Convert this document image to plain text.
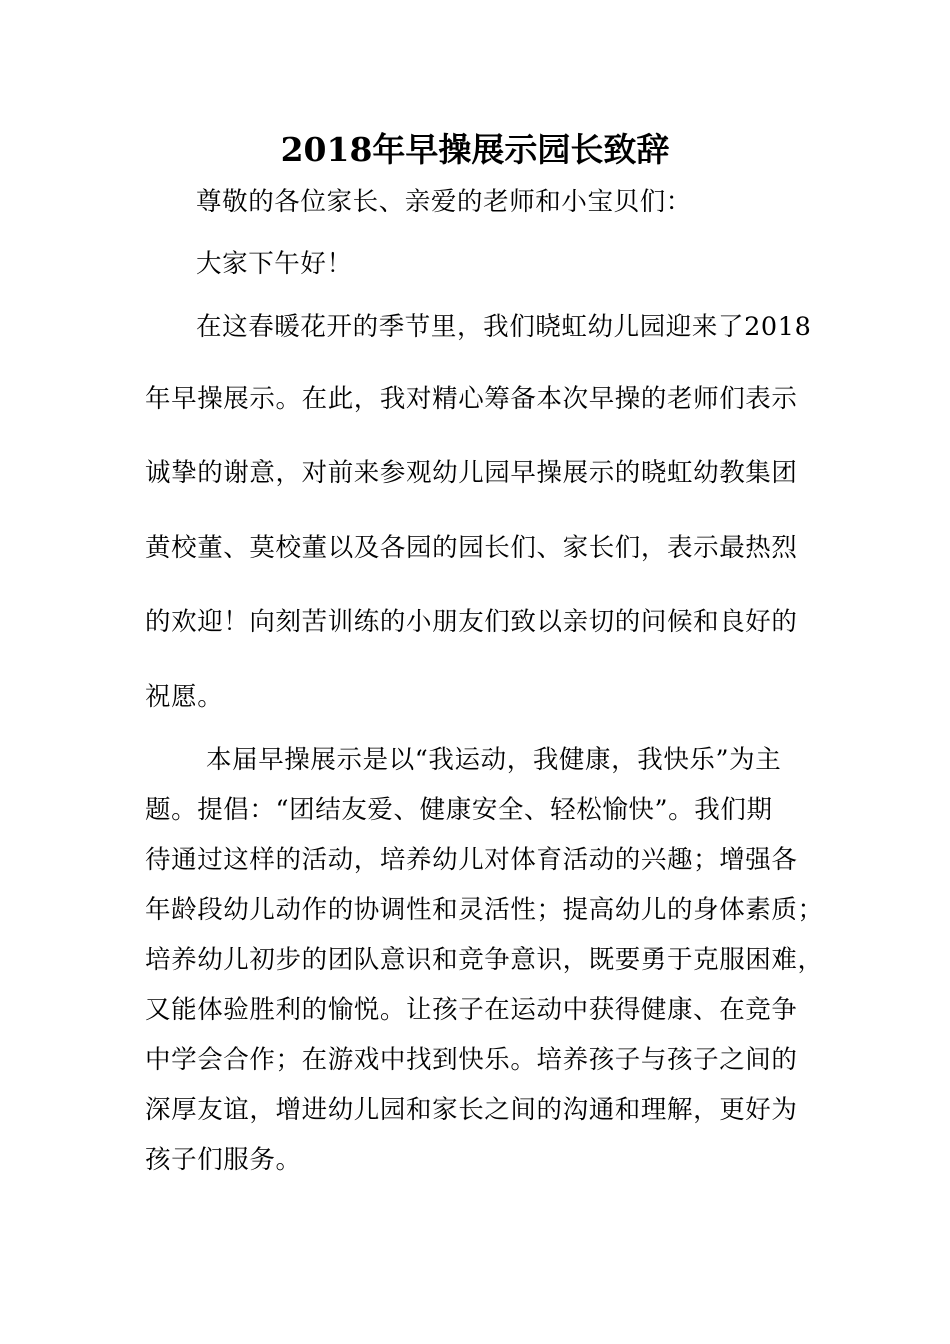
2018年早操展示园长致辞
尊敬的各位家长、亲爱的老师和小宝贝们：
大家下午好！
在这春暖花开的季节里，我们晓虹幼儿园迎来了2018
年早操展示。在此，我对精心筹备本次早操的老师们表示
诚挚的谢意，对前来参观幼儿园早操展示的晓虹幼教集团
黄校董、莫校董以及各园的园长们、家长们，表示最热烈
的欢迎！向刻苦训练的小朋友们致以亲切的问候和良好的
祝愿。
本届早操展示是以“我运动，我健康，我快乐”为主
题。提倡：“团结友爱、健康安全、轻松愉快”。我们期
待通过这样的活动，培养幼儿对体育活动的兴趣；增强各
年龄段幼儿动作的协调性和灵活性；提高幼儿的身体素质；
培养幼儿初步的团队意识和竞争意识，既要勇于克服困难，
又能体验胜利的愉悦。让孩子在运动中获得健康、在竞争
中学会合作；在游戏中找到快乐。培养孩子与孩子之间的
深厚友谊，增进幼儿园和家长之间的沟通和理解，更好为
孩子们服务。
